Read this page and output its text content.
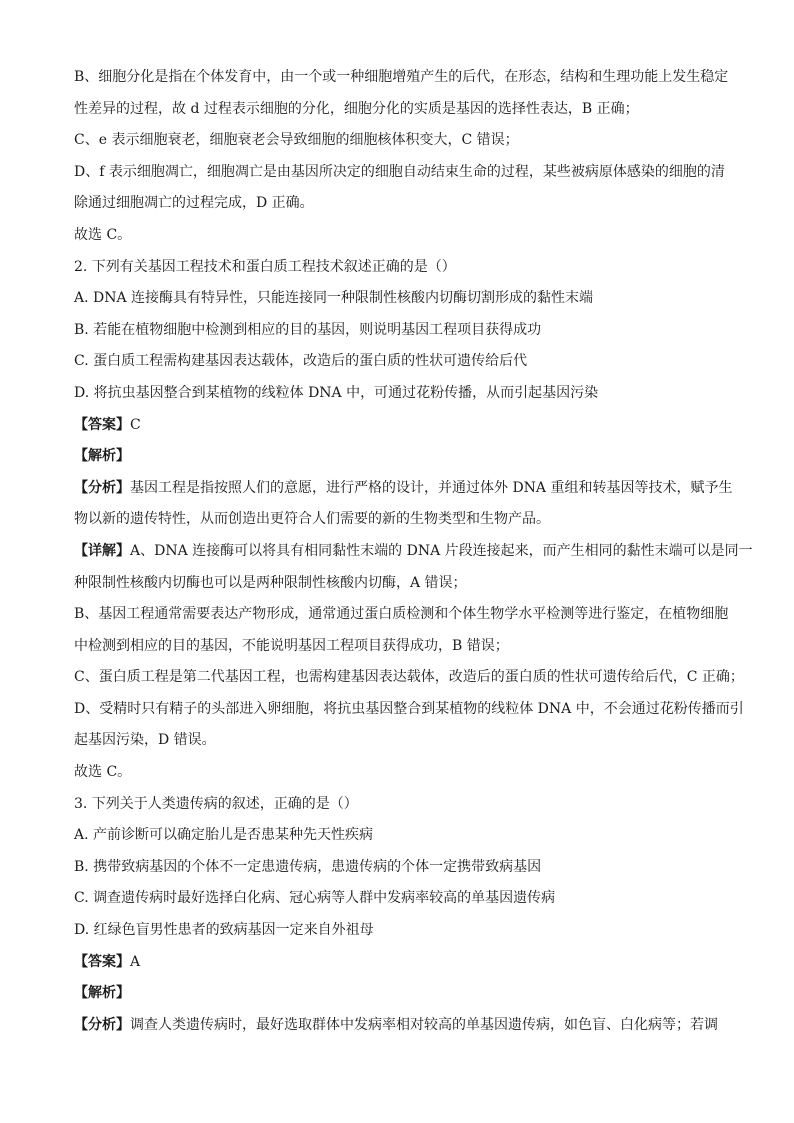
B、细胞分化是指在个体发育中，由一个或一种细胞增殖产生的后代，在形态，结构和生理功能上发生稳定
性差异的过程，故 d 过程表示细胞的分化，细胞分化的实质是基因的选择性表达，B 正确；
C、e 表示细胞衰老，细胞衰老会导致细胞的细胞核体积变大，C 错误；
D、f 表示细胞凋亡，细胞凋亡是由基因所决定的细胞自动结束生命的过程，某些被病原体感染的细胞的清
除通过细胞凋亡的过程完成，D 正确。
故选 C。
2. 下列有关基因工程技术和蛋白质工程技术叙述正确的是（）
A. DNA 连接酶具有特异性，只能连接同一种限制性核酸内切酶切割形成的黏性末端
B. 若能在植物细胞中检测到相应的目的基因，则说明基因工程项目获得成功
C. 蛋白质工程需构建基因表达载体，改造后的蛋白质的性状可遗传给后代
D. 将抗虫基因整合到某植物的线粒体 DNA 中，可通过花粉传播，从而引起基因污染
【答案】C
【解析】
【分析】基因工程是指按照人们的意愿，进行严格的设计，并通过体外 DNA 重组和转基因等技术，赋予生
物以新的遗传特性，从而创造出更符合人们需要的新的生物类型和生物产品。
【详解】A、DNA 连接酶可以将具有相同黏性末端的 DNA 片段连接起来，而产生相同的黏性末端可以是同一
种限制性核酸内切酶也可以是两种限制性核酸内切酶，A 错误；
B、基因工程通常需要表达产物形成，通常通过蛋白质检测和个体生物学水平检测等进行鉴定，在植物细胞
中检测到相应的目的基因，不能说明基因工程项目获得成功，B 错误；
C、蛋白质工程是第二代基因工程，也需构建基因表达载体，改造后的蛋白质的性状可遗传给后代，C 正确；
D、受精时只有精子的头部进入卵细胞，将抗虫基因整合到某植物的线粒体 DNA 中，不会通过花粉传播而引
起基因污染，D 错误。
故选 C。
3. 下列关于人类遗传病的叙述，正确的是（）
A. 产前诊断可以确定胎儿是否患某种先天性疾病
B. 携带致病基因的个体不一定患遗传病，患遗传病的个体一定携带致病基因
C. 调查遗传病时最好选择白化病、冠心病等人群中发病率较高的单基因遗传病
D. 红绿色盲男性患者的致病基因一定来自外祖母
【答案】A
【解析】
【分析】调查人类遗传病时，最好选取群体中发病率相对较高的单基因遗传病，如色盲、白化病等；若调
